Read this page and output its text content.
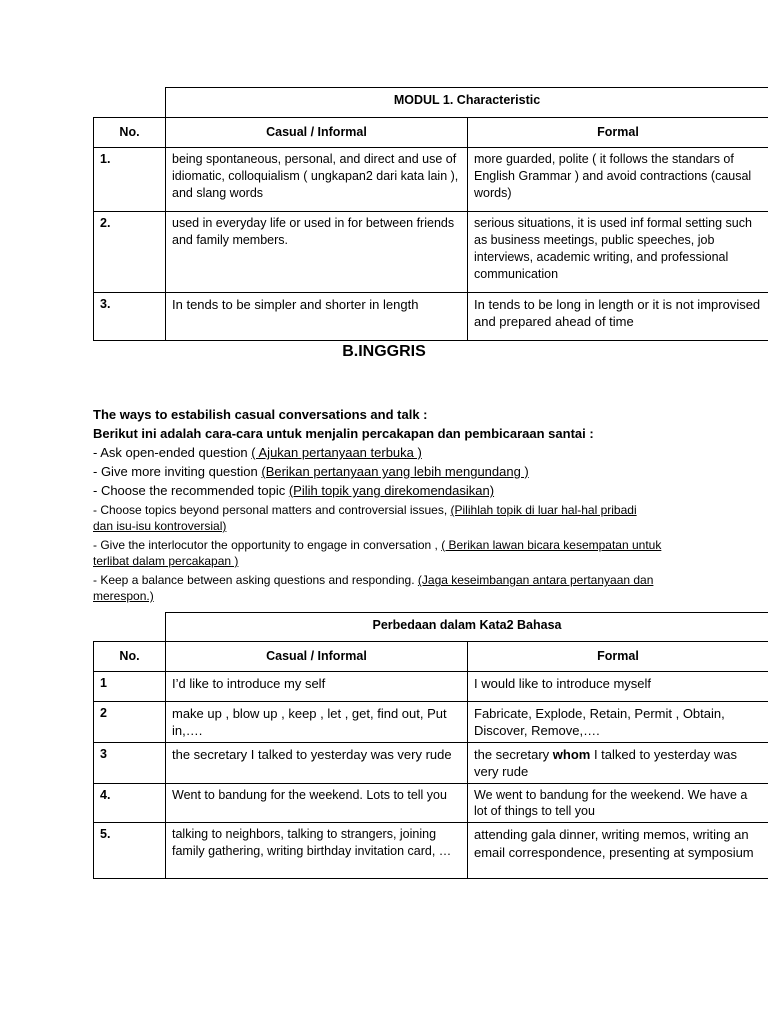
	MODUL 1. Characteristic	
No.	Casual / Informal	Formal
1.	being spontaneous, personal, and direct and use of idiomatic, colloquialism ( ungkapan2 dari kata lain ), and slang words	more guarded, polite ( it follows the standars of English Grammar ) and avoid contractions (causal words)
2.	used in everyday life or used in for between friends and family members.	serious situations, it is used inf formal setting such as business meetings, public speeches, job interviews, academic writing, and professional communication
3.	In tends to be simpler and shorter in length	In tends to be long in length or it is not improvised and prepared ahead of time
B.INGGRIS
The ways to estabilish casual conversations and talk :
Berikut ini adalah cara-cara untuk menjalin percakapan dan pembicaraan santai :
- Ask open-ended question ( Ajukan pertanyaan terbuka )
- Give more inviting question (Berikan pertanyaan yang lebih mengundang )
- Choose the recommended topic (Pilih topik yang direkomendasikan)
- Choose topics beyond personal matters and controversial issues, (Pilihlah topik di luar hal-hal pribadi dan isu-isu kontroversial)
- Give the interlocutor the opportunity to engage in conversation , ( Berikan lawan bicara kesempatan untuk terlibat dalam percakapan )
- Keep a balance between asking questions and responding. (Jaga keseimbangan antara pertanyaan dan merespon.)
	Perbedaan dalam Kata2 Bahasa	
No.	Casual / Informal	Formal
1	I’d like to introduce my self	I would like to introduce myself
2	make up , blow up , keep , let , get, find out, Put in,….	Fabricate, Explode, Retain, Permit , Obtain, Discover, Remove,….
3	the secretary I talked to yesterday was very rude	the secretary whom I talked to yesterday was very rude
4.	Went to bandung for the weekend. Lots to tell you	We went to bandung for the weekend. We have a lot of things to tell you
5.	talking to neighbors, talking to strangers, joining family gathering, writing birthday invitation card, …	attending gala dinner, writing memos, writing an email correspondence, presenting at symposium
